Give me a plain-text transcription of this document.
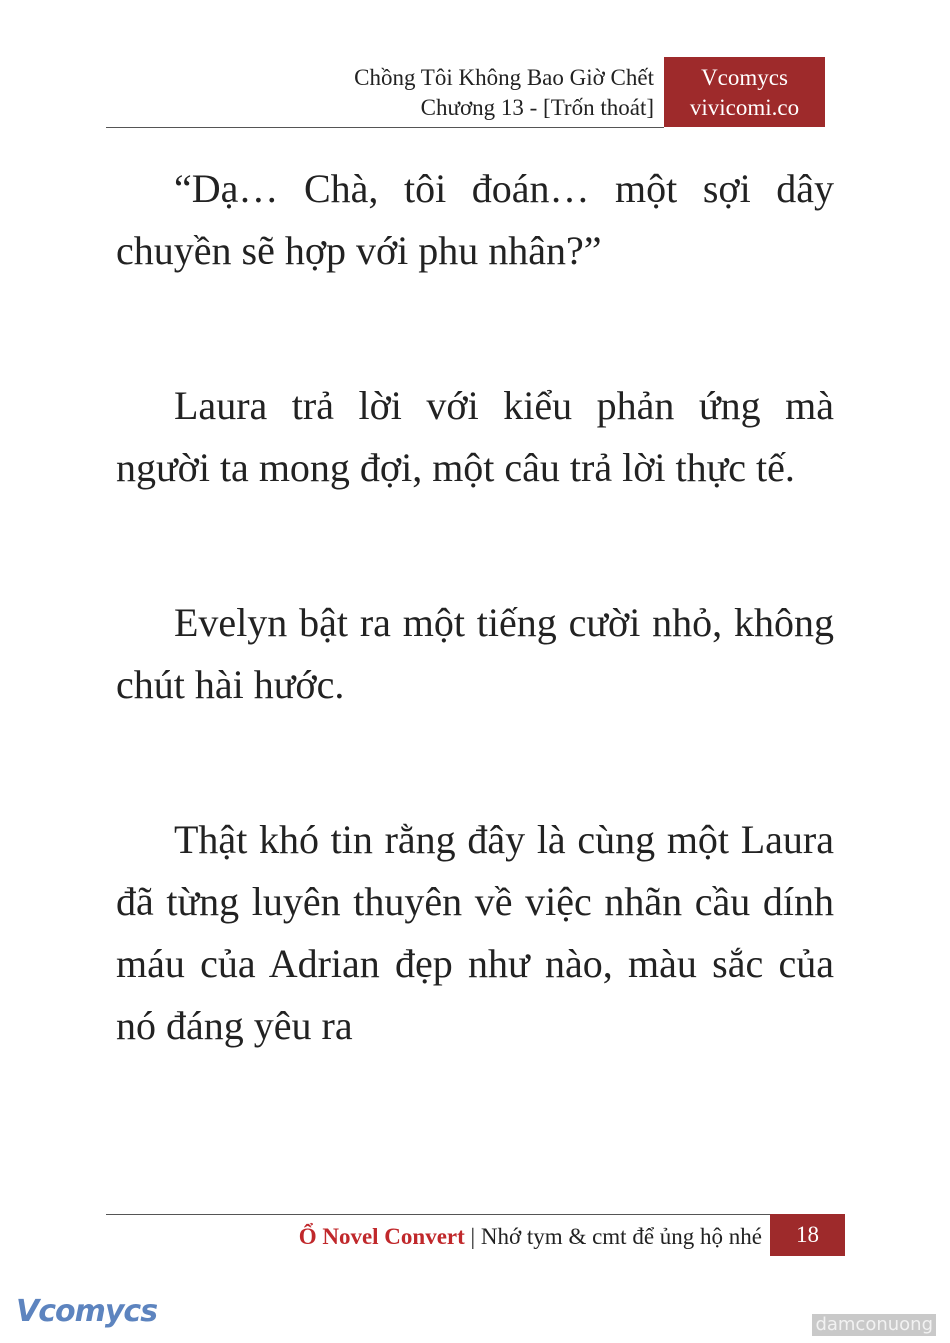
Chồng Tôi Không Bao Giờ Chết
Chương 13 - [Trốn thoát]
Vcomycs
vivicomi.co

“Dạ… Chà, tôi đoán… một sợi dây chuyền sẽ hợp với phu nhân?”

Laura trả lời với kiểu phản ứng mà người ta mong đợi, một câu trả lời thực tế.

Evelyn bật ra một tiếng cười nhỏ, không chút hài hước.

Thật khó tin rằng đây là cùng một Laura đã từng luyên thuyên về việc nhãn cầu dính máu của Adrian đẹp như nào, màu sắc của nó đáng yêu ra

Ổ Novel Convert | Nhớ tym & cmt để ủng hộ nhé	18
Vcomycs	damconuong
